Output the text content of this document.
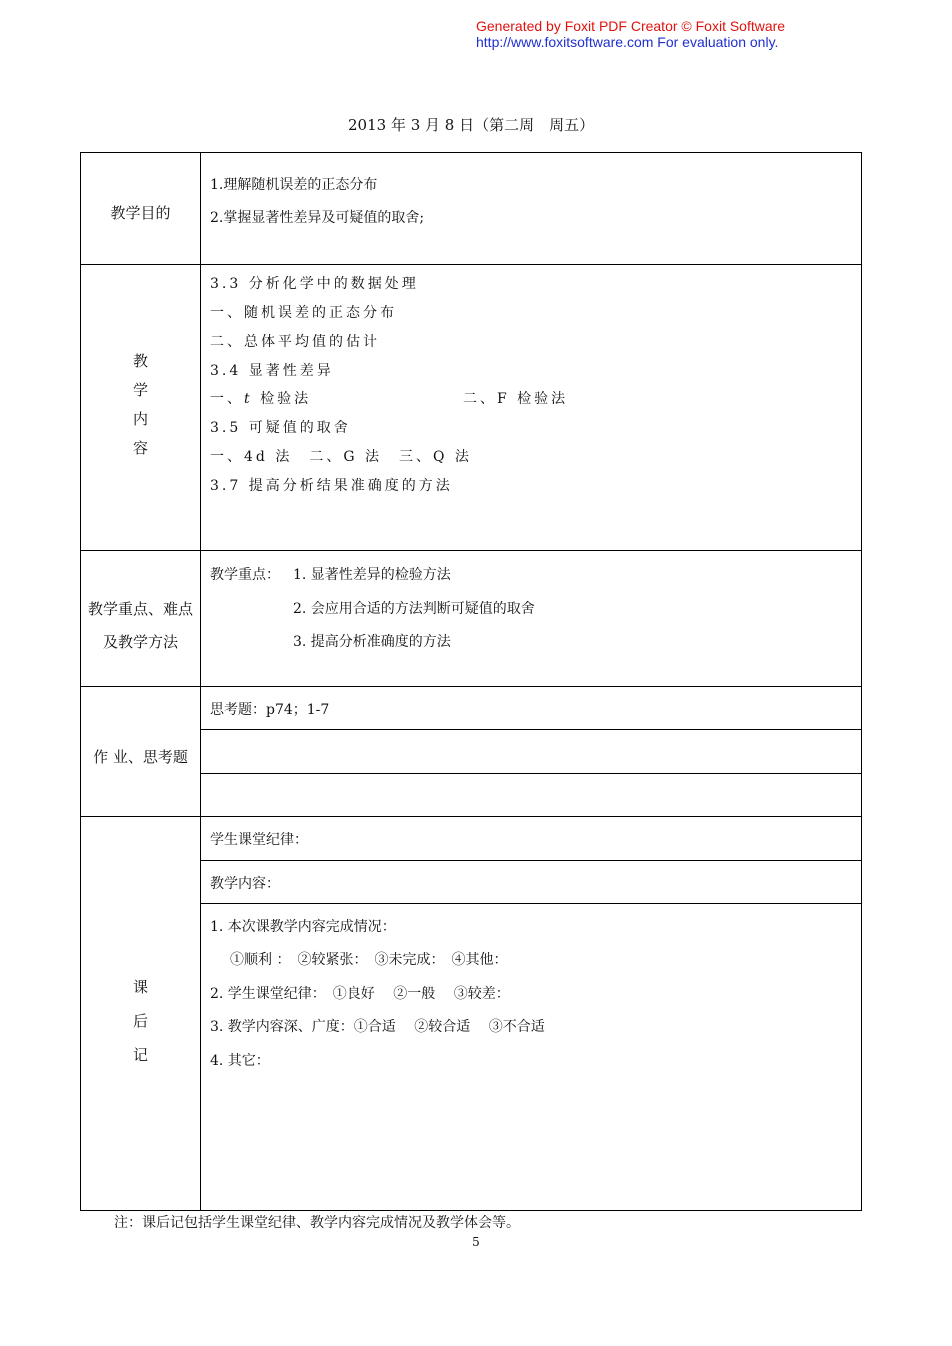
Generated by Foxit PDF Creator © Foxit Software
http://www.foxitsoftware.com For evaluation only.
2013 年 3 月 8 日（第二周　周五）
教学目的
1.理解随机误差的正态分布
2.掌握显著性差异及可疑值的取舍;
教
学
内
容
3.3 分析化学中的数据处理
一、随机误差的正态分布
二、总体平均值的估计
3.4 显著性差异
一、t 检验法	二、F 检验法
3.5 可疑值的取舍
一、4d 法　二、G 法　三、Q 法
3.7 提高分析结果准确度的方法
教学重点、难点
及教学方法
教学重点： 1. 显著性差异的检验方法
2. 会应用合适的方法判断可疑值的取舍
3. 提高分析准确度的方法
作 业、思考题
思考题：p74；1-7
课
后
记
学生课堂纪律：
教学内容：
1. 本次课教学内容完成情况：
①顺利 ：　②较紧张：　③未完成：　④其他：
2. 学生课堂纪律：　①良好　 ②一般　 ③较差：
3. 教学内容深、广度：①合适　 ②较合适　 ③不合适
4. 其它：
注：课后记包括学生课堂纪律、教学内容完成情况及教学体会等。
5
